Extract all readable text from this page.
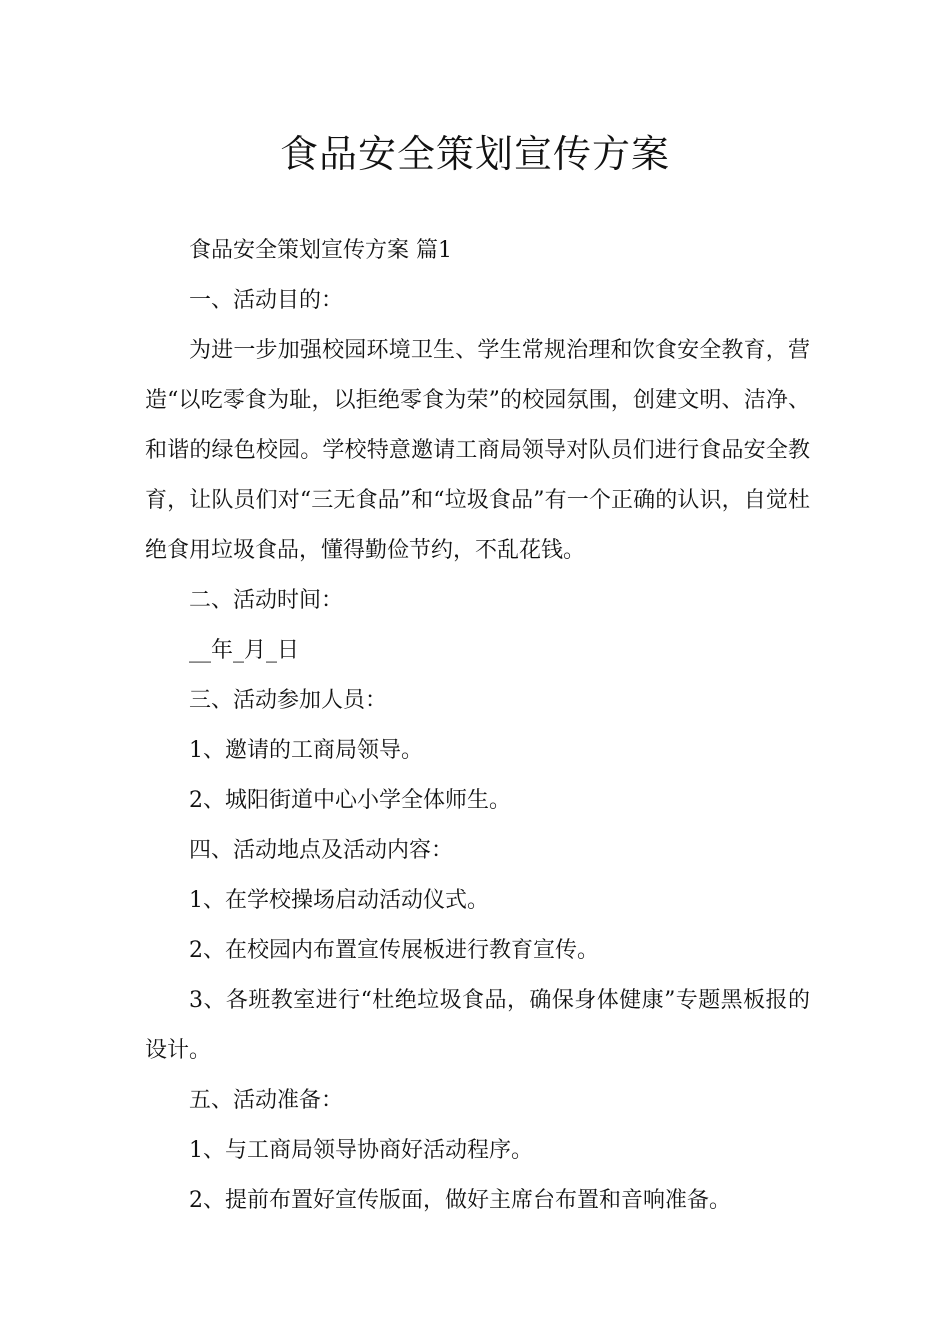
食品安全策划宣传方案

食品安全策划宣传方案 篇1

一、活动目的：

为进一步加强校园环境卫生、学生常规治理和饮食安全教育，营造“以吃零食为耻，以拒绝零食为荣”的校园氛围，创建文明、洁净、和谐的绿色校园。学校特意邀请工商局领导对队员们进行食品安全教育，让队员们对“三无食品”和“垃圾食品”有一个正确的认识，自觉杜绝食用垃圾食品，懂得勤俭节约，不乱花钱。

二、活动时间：

__年_月_日

三、活动参加人员：

1、邀请的工商局领导。

2、城阳街道中心小学全体师生。

四、活动地点及活动内容：

1、在学校操场启动活动仪式。

2、在校园内布置宣传展板进行教育宣传。

3、各班教室进行“杜绝垃圾食品，确保身体健康”专题黑板报的设计。

五、活动准备：

1、与工商局领导协商好活动程序。

2、提前布置好宣传版面，做好主席台布置和音响准备。
